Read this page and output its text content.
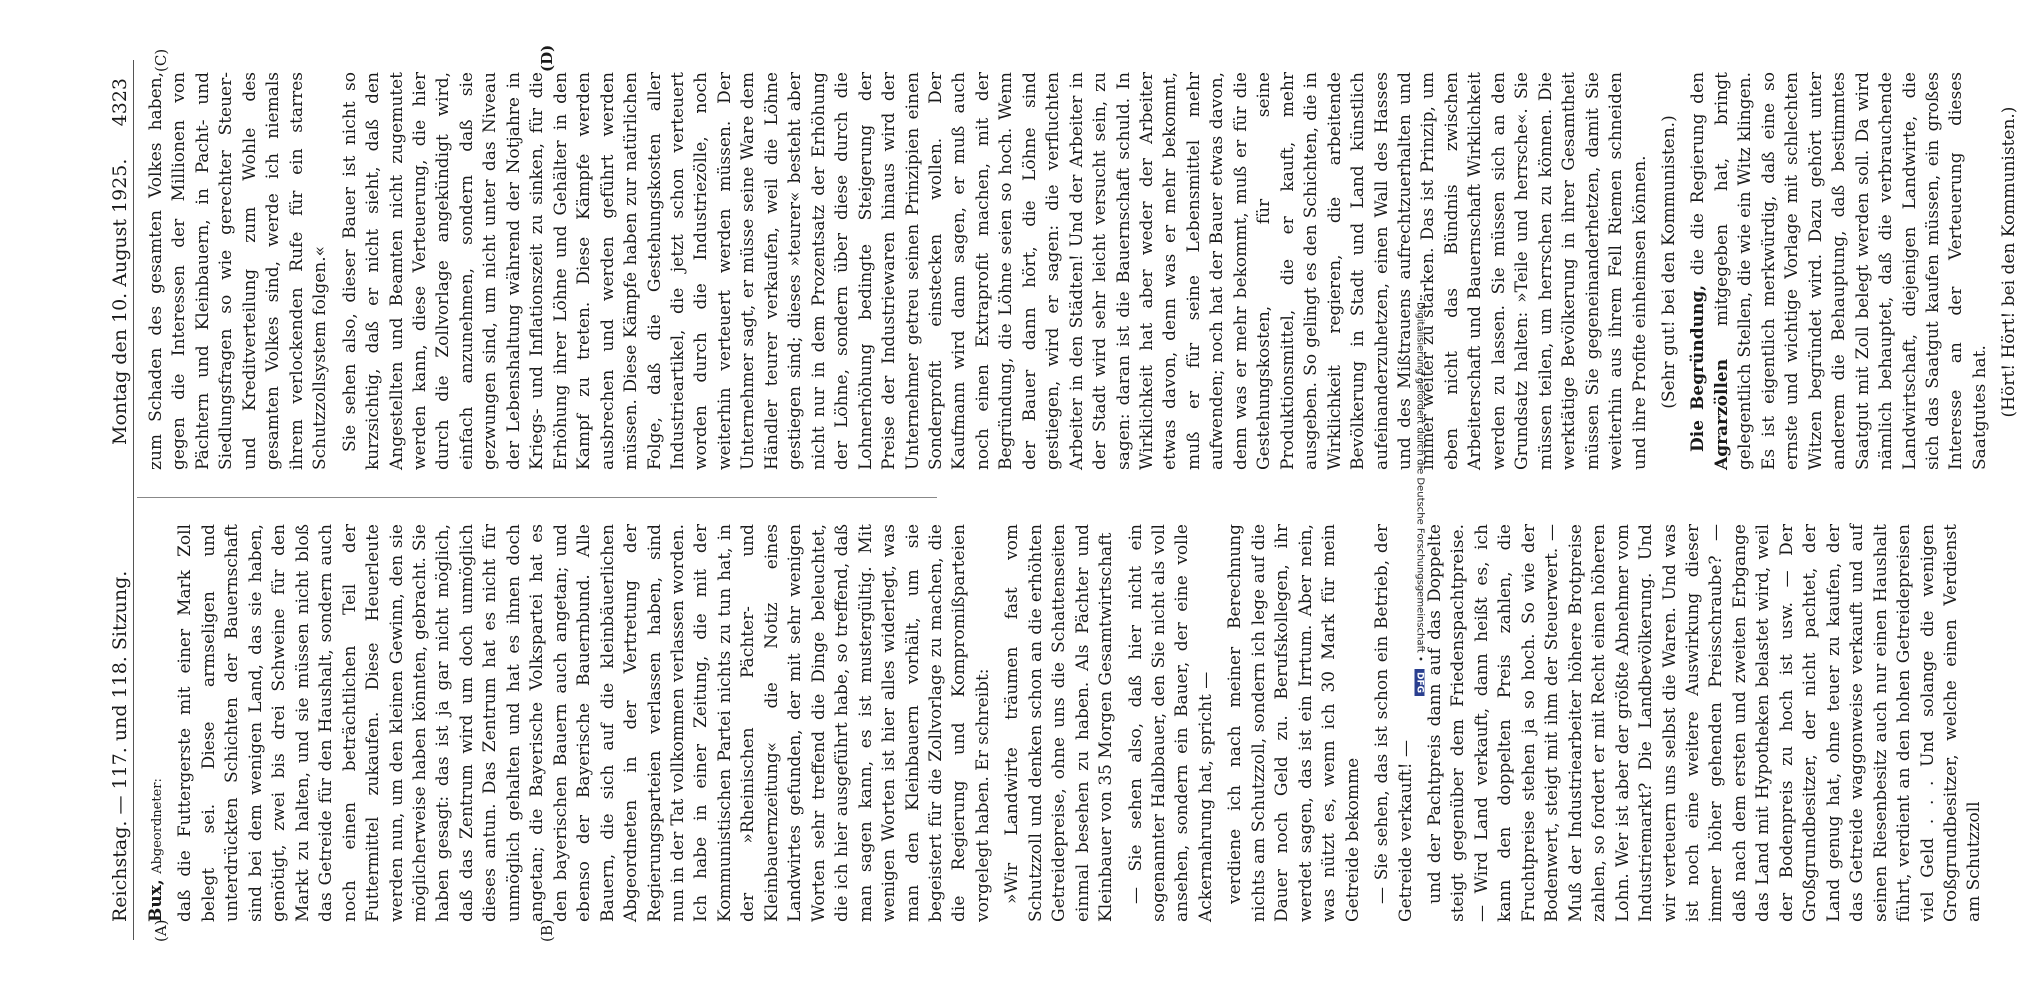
Reichstag. — 117. und 118. Sitzung.
Montag den 10. August 1925.
4323
(A)	(B)
(C)	(D)

Bux, Abgeordneter: daß die Futtergerste mit einer Mark Zoll belegt sei. Diese armseligen und unterdrückten Schichten der Bauernschaft sind bei dem wenigen Land, das sie haben, genötigt, zwei bis drei Schweine für den Markt zu halten, und sie müssen nicht bloß das Getreide für den Haushalt, sondern auch noch einen beträchtlichen Teil der Futtermittel zukaufen. Diese Heuerleute werden nun, um den kleinen Gewinn, den sie möglicherweise haben könnten, gebracht. Sie haben gesagt: das ist ja gar nicht möglich, daß das Zentrum wird um doch unmöglich dieses antun. Das Zentrum hat es nicht für unmöglich gehalten und hat es ihnen doch angetan; die Bayerische Volkspartei hat es den bayerischen Bauern auch angetan; und ebenso der Bayerische Bauernbund. Alle Bauern, die sich auf die kleinbäuerlichen Abgeordneten in der Vertretung der Regierungsparteien verlassen haben, sind nun in der Tat vollkommen verlassen worden. Ich habe in einer Zeitung, die mit der Kommunistischen Partei nichts zu tun hat, in der »Rheinischen Pächter- und Kleinbauernzeitung« die Notiz eines Landwirtes gefunden, der mit sehr wenigen Worten sehr treffend die Dinge beleuchtet, die ich hier ausgeführt habe, so treffend, daß man sagen kann, es ist mustergültig. Mit wenigen Worten ist hier alles widerlegt, was man den Kleinbauern vorhält, um sie begeistert für die Zollvorlage zu machen, die die Regierung und Kompromißparteien vorgelegt haben. Er schreibt: »Wir Landwirte träumen fast vom Schutzzoll und denken schon an die erhöhten Getreidepreise, ohne uns die Schattenseiten einmal besehen zu haben. Als Pächter und Kleinbauer von 35 Morgen Gesamtwirtschaft — Sie sehen also, daß hier nicht ein sogenannter Halbbauer, den Sie nicht als voll ansehen, sondern ein Bauer, der eine volle Ackernahrung hat, spricht — verdiene ich nach meiner Berechnung nichts am Schutzzoll, sondern ich lege auf die Dauer noch Geld zu. Berufskollegen, ihr werdet sagen, das ist ein Irrtum. Aber nein, was nützt es, wenn ich 30 Mark für mein Getreide bekomme — Sie sehen, das ist schon ein Betrieb, der Getreide verkauft! — und der Pachtpreis dann auf das Doppelte steigt gegenüber dem Friedenspachtpreise. — Wird Land verkauft, dann heißt es, ich kann den doppelten Preis zahlen, die Fruchtpreise stehen ja so hoch. So wie der Bodenwert, steigt mit ihm der Steuerwert. — Muß der Industriearbeiter höhere Brotpreise zahlen, so fordert er mit Recht einen höheren Lohn. Wer ist aber der größte Abnehmer vom Industriemarkt? Die Landbevölkerung. Und wir verteuern uns selbst die Waren. Und was ist noch eine weitere Auswirkung dieser immer höher gehenden Preisschraube? — daß nach dem ersten und zweiten Erbgange das Land mit Hypotheken belastet wird, weil der Bodenpreis zu hoch ist usw. — Der Großgrundbesitzer, der nicht pachtet, der Land genug hat, ohne teuer zu kaufen, der das Getreide waggonweise verkauft und auf seinen Riesenbesitz auch nur einen Haushalt führt, verdient an den hohen Getreidepreisen viel Geld . . . Und solange die wenigen Großgrundbesitzer, welche einen Verdienst am Schutzzoll

zum Schaden des gesamten Volkes haben, gegen die Interessen der Millionen von Pächtern und Kleinbauern, in Pacht- und Siedlungsfragen so wie gerechter Steuer- und Kreditverteilung zum Wohle des gesamten Volkes sind, werde ich niemals ihrem verlockenden Rufe für ein starres Schutzzollsystem folgen.« Sie sehen also, dieser Bauer ist nicht so kurzsichtig, daß er nicht sieht, daß den Angestellten und Beamten nicht zugemutet werden kann, diese Verteuerung, die hier durch die Zollvorlage angekündigt wird, einfach anzunehmen, sondern daß sie gezwungen sind, um nicht unter das Niveau der Lebenshaltung während der Notjahre in Kriegs- und Inflationszeit zu sinken, für die Erhöhung ihrer Löhne und Gehälter in den Kampf zu treten. Diese Kämpfe werden ausbrechen und werden geführt werden müssen. Diese Kämpfe haben zur natürlichen Folge, daß die Gestehungskosten aller Industrieartikel, die jetzt schon verteuert worden durch die Industriezölle, noch weiterhin verteuert werden müssen. Der Unternehmer sagt, er müsse seine Ware dem Händler teurer verkaufen, weil die Löhne gestiegen sind; dieses »teurer« besteht aber nicht nur in dem Prozentsatz der Erhöhung der Löhne, sondern über diese durch die Lohnerhöhung bedingte Steigerung der Preise der Industriewaren hinaus wird der Unternehmer getreu seinen Prinzipien einen Sonderprofit einstecken wollen. Der Kaufmann wird dann sagen, er muß auch noch einen Extraprofit machen, mit der Begründung, die Löhne seien so hoch. Wenn der Bauer dann hört, die Löhne sind gestiegen, wird er sagen: die verfluchten Arbeiter in den Städten! Und der Arbeiter in der Stadt wird sehr leicht versucht sein, zu sagen: daran ist die Bauernschaft schuld. In Wirklichkeit hat aber weder der Arbeiter etwas davon, denn was er mehr bekommt, muß er für seine Lebensmittel mehr aufwenden; noch hat der Bauer etwas davon, denn was er mehr bekommt, muß er für die Gestehungskosten, für seine Produktionsmittel, die er kauft, mehr ausgeben. So gelingt es den Schichten, die in Wirklichkeit regieren, die arbeitende Bevölkerung in Stadt und Land künstlich aufeinanderzuhetzen, einen Wall des Hasses und des Mißtrauens aufrechtzuerhalten und immer weiter zu stärken. Das ist Prinzip, um eben nicht das Bündnis zwischen Arbeiterschaft und Bauernschaft Wirklichkeit werden zu lassen. Sie müssen sich an den Grundsatz halten: »Teile und herrsche«. Sie müssen teilen, um herrschen zu können. Die werktätige Bevölkerung in ihrer Gesamtheit müssen Sie gegeneinanderhetzen, damit Sie weiterhin aus ihrem Fell Riemen schneiden und ihre Profite einheimsen können. (Sehr gut! bei den Kommunisten.) Die Begründung, die die Regierung den Agrarzöllen mitgegeben hat, bringt gelegentlich Stellen, die wie ein Witz klingen. Es ist eigentlich merkwürdig, daß eine so ernste und wichtige Vorlage mit schlechten Witzen begründet wird. Dazu gehört unter anderem die Behauptung, daß bestimmtes Saatgut mit Zoll belegt werden soll. Da wird nämlich behauptet, daß die verbrauchende Landwirtschaft, diejenigen Landwirte, die sich das Saatgut kaufen müssen, ein großes Interesse an der Verteuerung dieses Saatgutes hat. (Hört! Hört! bei den Kommunisten.)

Digitalisierung gefördert durch die Deutsche Forschungsgemeinschaft • DFG
